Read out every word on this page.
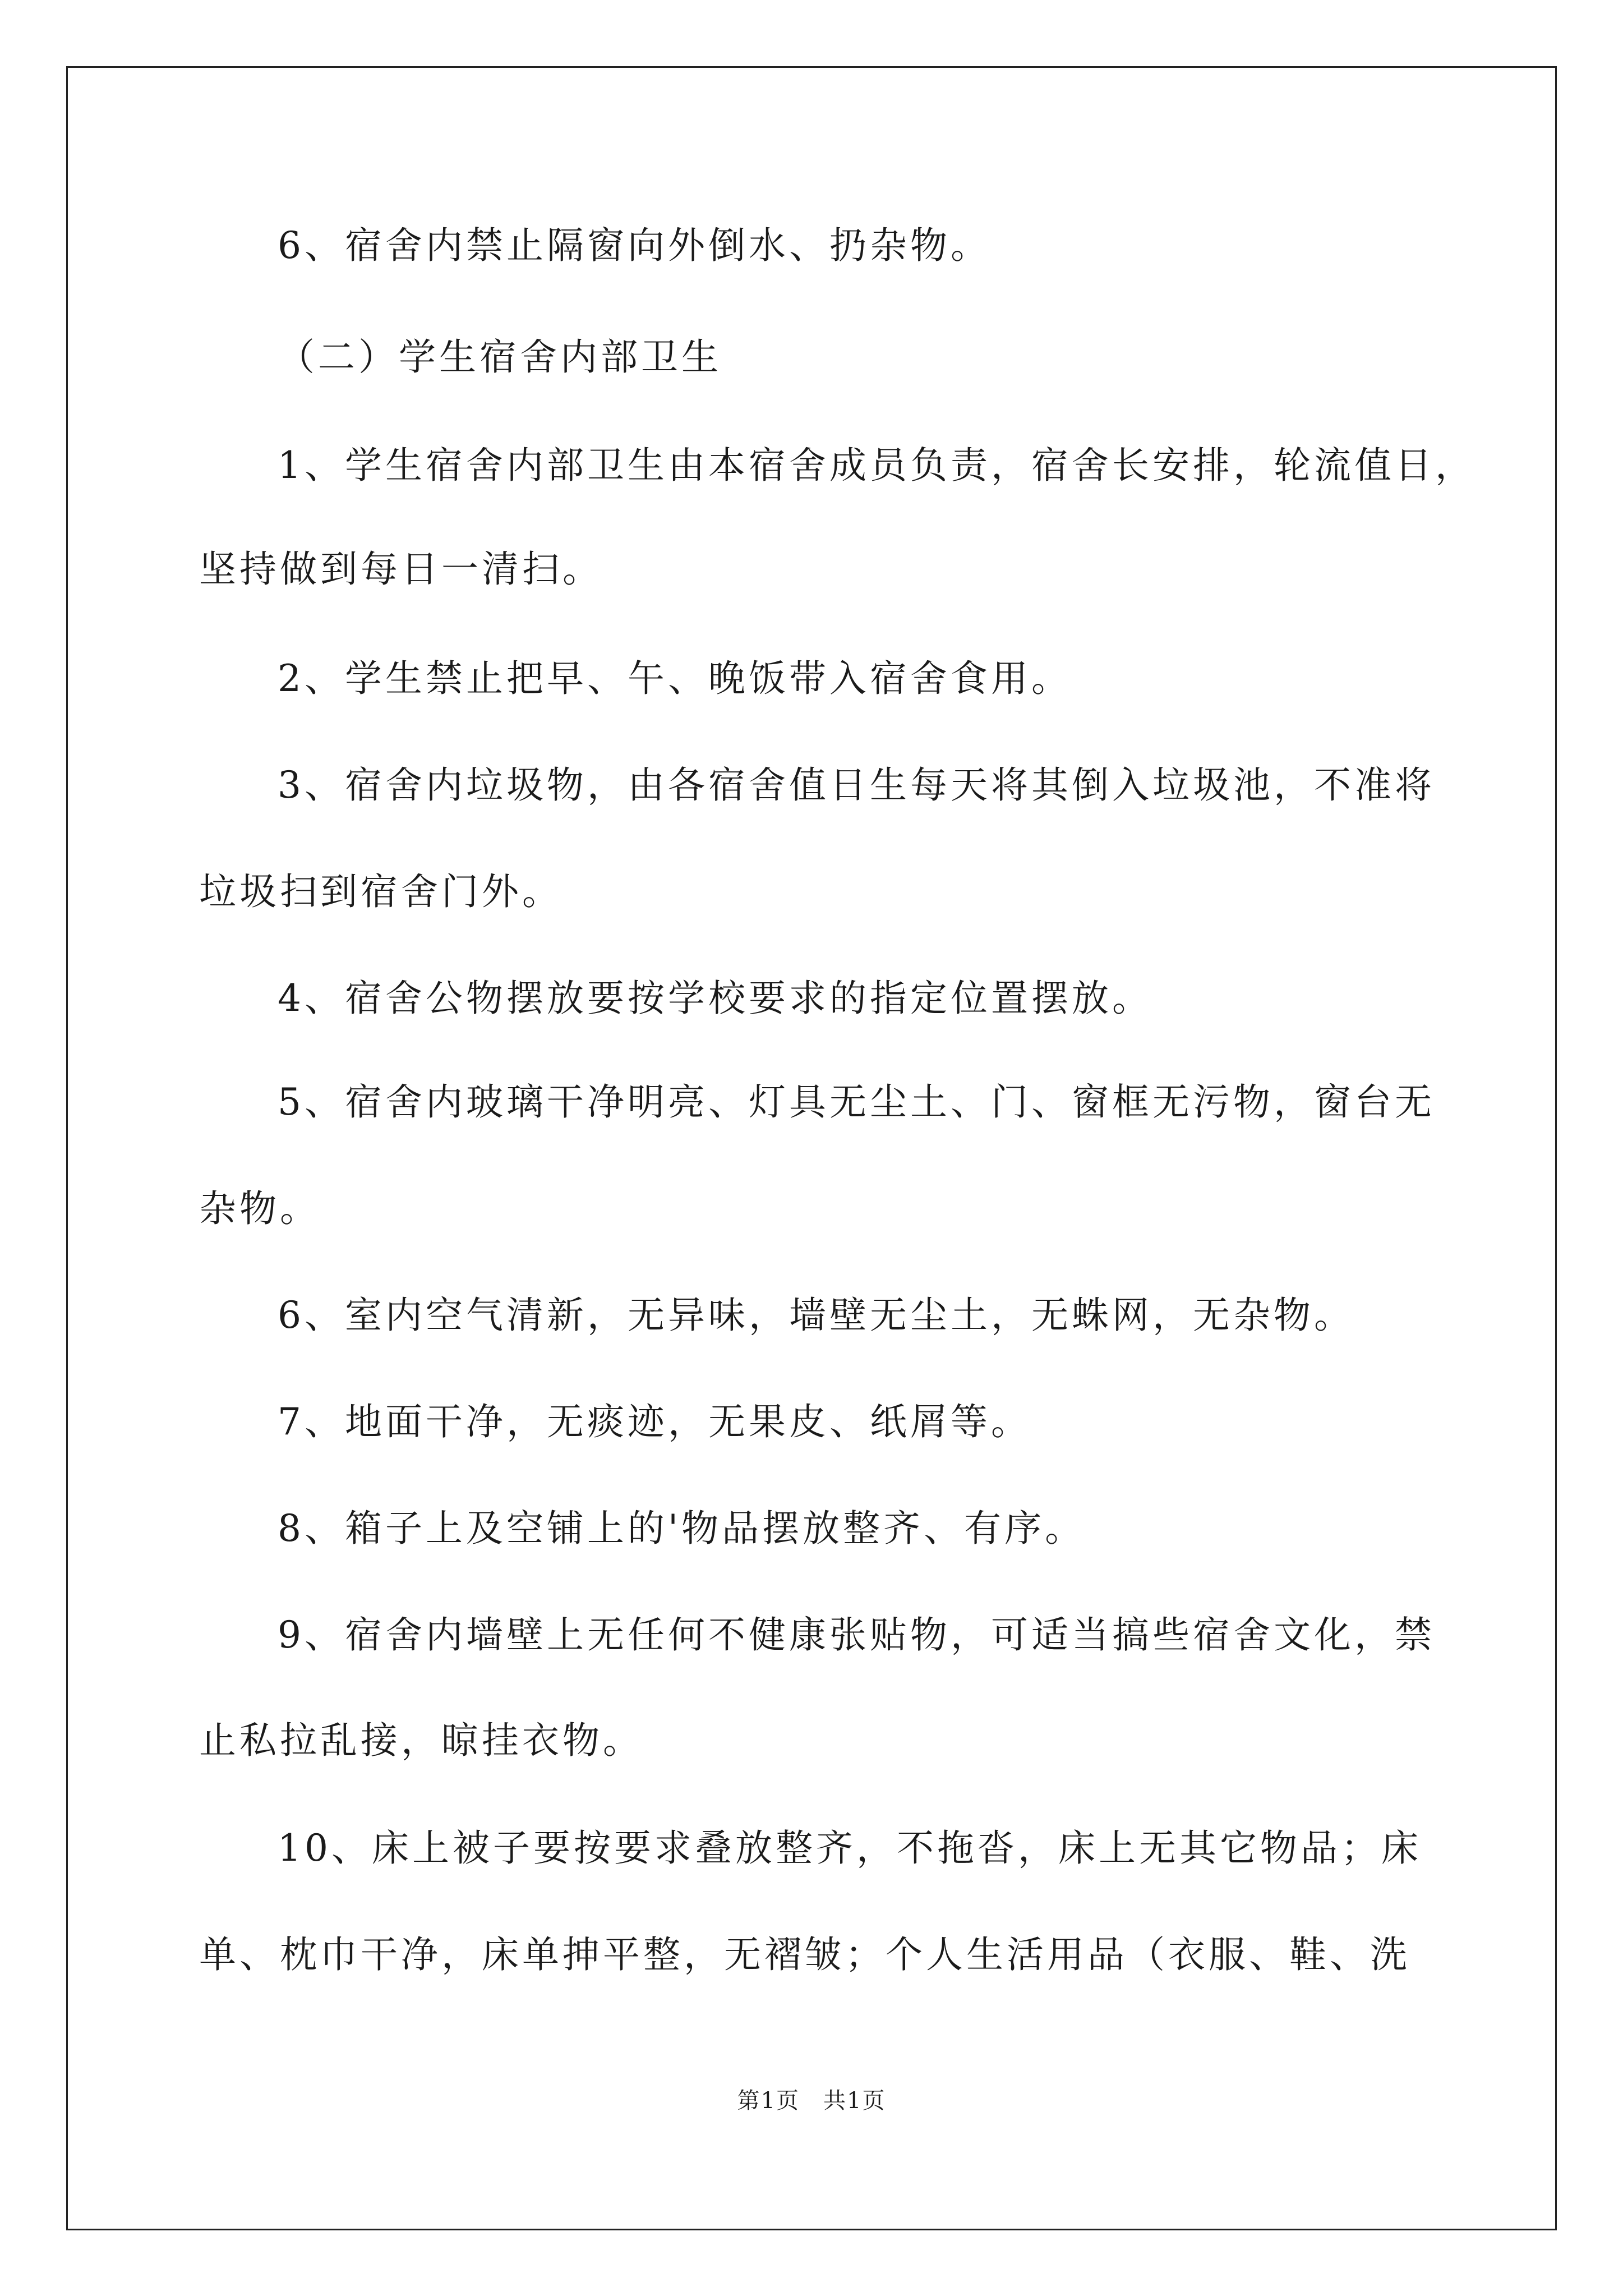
6、宿舍内禁止隔窗向外倒水、扔杂物。
（二）学生宿舍内部卫生
1、学生宿舍内部卫生由本宿舍成员负责，宿舍长安排，轮流值日，
坚持做到每日一清扫。
2、学生禁止把早、午、晚饭带入宿舍食用。
3、宿舍内垃圾物，由各宿舍值日生每天将其倒入垃圾池，不准将
垃圾扫到宿舍门外。
4、宿舍公物摆放要按学校要求的指定位置摆放。
5、宿舍内玻璃干净明亮、灯具无尘土、门、窗框无污物，窗台无
杂物。
6、室内空气清新，无异味，墙壁无尘土，无蛛网，无杂物。
7、地面干净，无痰迹，无果皮、纸屑等。
8、箱子上及空铺上的'物品摆放整齐、有序。
9、宿舍内墙壁上无任何不健康张贴物，可适当搞些宿舍文化，禁
止私拉乱接，晾挂衣物。
10、床上被子要按要求叠放整齐，不拖沓，床上无其它物品；床
单、枕巾干净，床单抻平整，无褶皱；个人生活用品（衣服、鞋、洗
第1页　共1页
